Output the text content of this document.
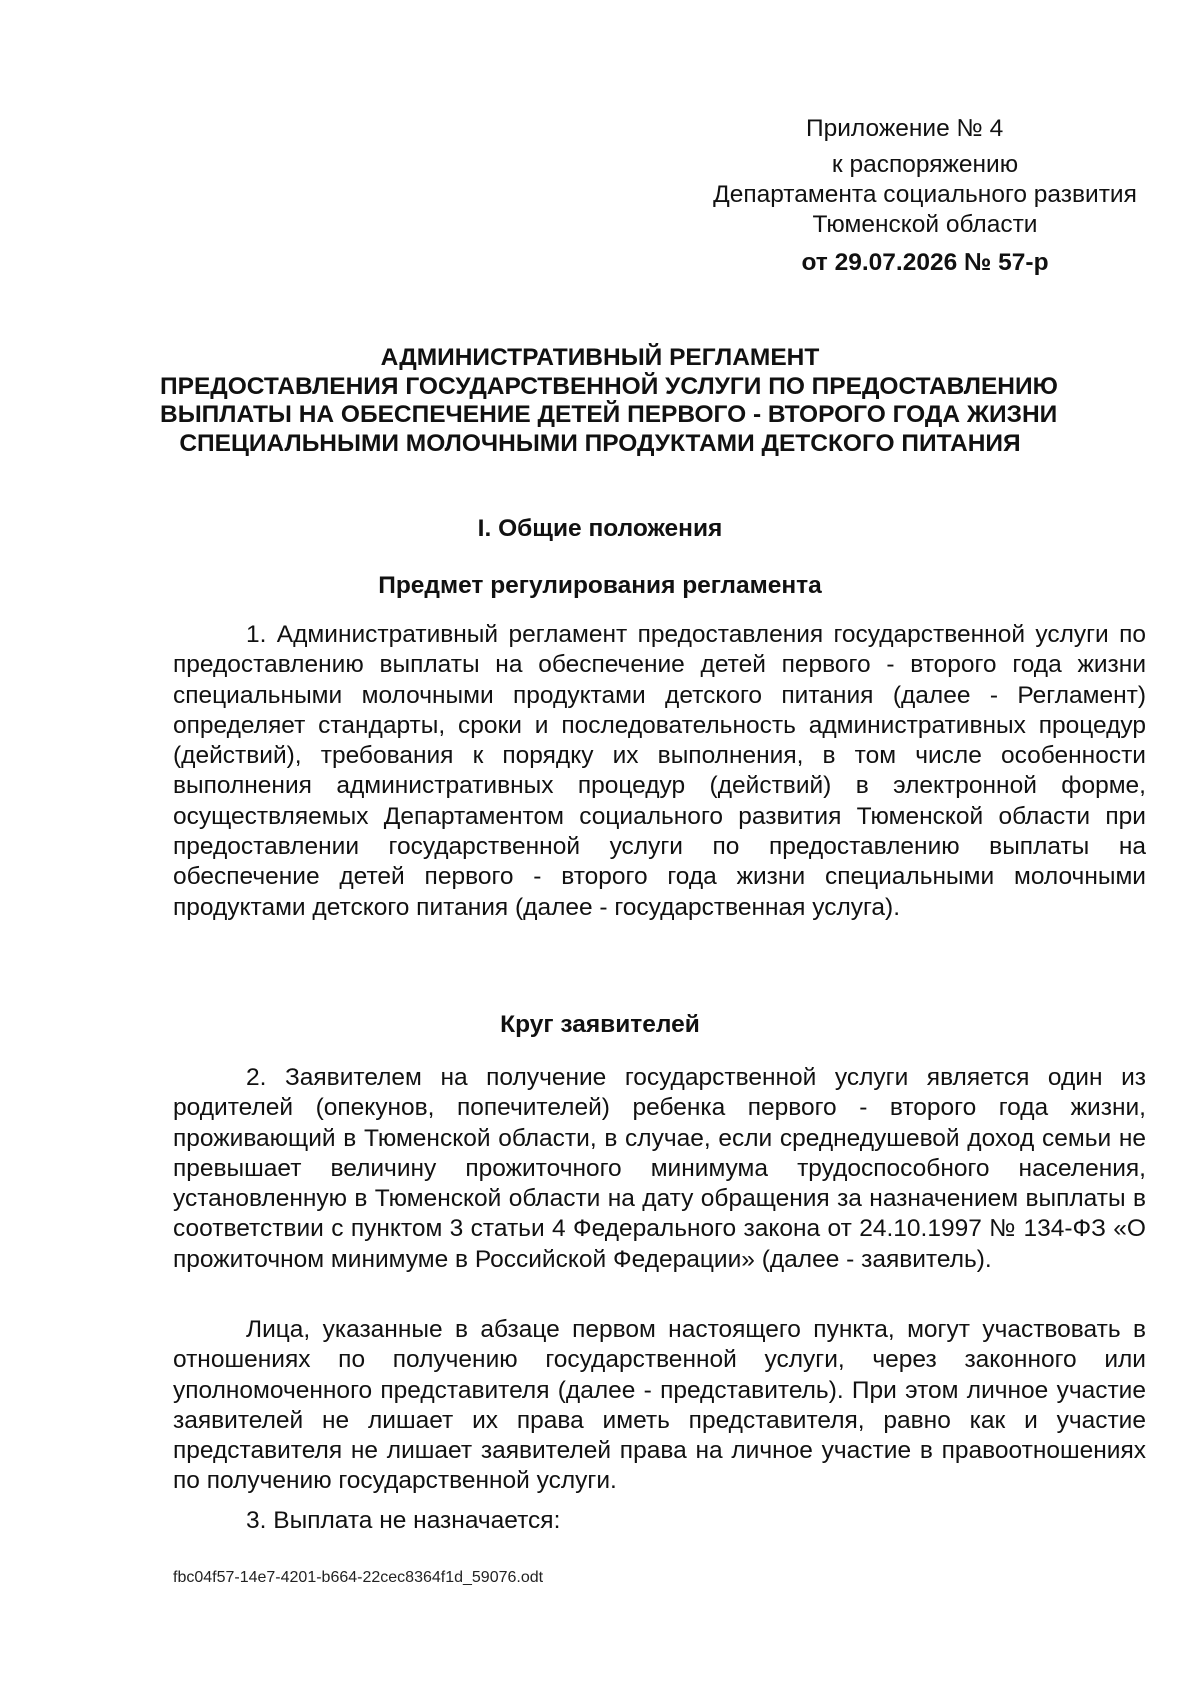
Приложение № 4
к распоряжению
Департамента социального развития
Тюменской области
от 29.07.2026 № 57-р
АДМИНИСТРАТИВНЫЙ РЕГЛАМЕНТ
ПРЕДОСТАВЛЕНИЯ ГОСУДАРСТВЕННОЙ УСЛУГИ ПО ПРЕДОСТАВЛЕНИЮ
ВЫПЛАТЫ НА ОБЕСПЕЧЕНИЕ ДЕТЕЙ ПЕРВОГО - ВТОРОГО ГОДА ЖИЗНИ
СПЕЦИАЛЬНЫМИ МОЛОЧНЫМИ ПРОДУКТАМИ ДЕТСКОГО ПИТАНИЯ
I. Общие положения
Предмет регулирования регламента

1. Административный регламент предоставления государственной услуги по предоставлению выплаты на обеспечение детей первого - второго года жизни специальными молочными продуктами детского питания (далее - Регламент) определяет стандарты, сроки и последовательность административных процедур (действий), требования к порядку их выполнения, в том числе особенности выполнения административных процедур (действий) в электронной форме, осуществляемых Департаментом социального развития Тюменской области при предоставлении государственной услуги по предоставлению выплаты на обеспечение детей первого - второго года жизни специальными молочными продуктами детского питания (далее - государственная услуга).

Круг заявителей

2. Заявителем на получение государственной услуги является один из родителей (опекунов, попечителей) ребенка первого - второго года жизни, проживающий в Тюменской области, в случае, если среднедушевой доход семьи не превышает величину прожиточного минимума трудоспособного населения, установленную в Тюменской области на дату обращения за назначением выплаты в соответствии с пунктом 3 статьи 4 Федерального закона от 24.10.1997 № 134-ФЗ «О прожиточном минимуме в Российской Федерации» (далее - заявитель).

Лица, указанные в абзаце первом настоящего пункта, могут участвовать в отношениях по получению государственной услуги, через законного или уполномоченного представителя (далее - представитель). При этом личное участие заявителей не лишает их права иметь представителя, равно как и участие представителя не лишает заявителей права на личное участие в правоотношениях по получению государственной услуги.

3. Выплата не назначается:

fbc04f57-14e7-4201-b664-22cec8364f1d_59076.odt
